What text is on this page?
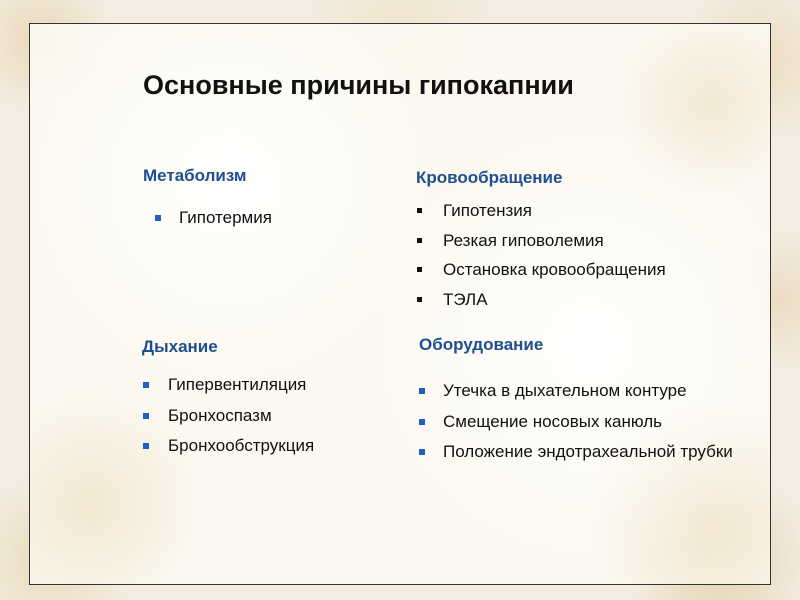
Основные причины гипокапнии
Метаболизм
Гипотермия
Кровообращение
Гипотензия
Резкая гиповолемия
Остановка кровообращения
ТЭЛА
Дыхание
Гипервентиляция
Бронхоспазм
Бронхообструкция
Оборудование
Утечка в дыхательном контуре
Смещение носовых канюль
Положение эндотрахеальной трубки
